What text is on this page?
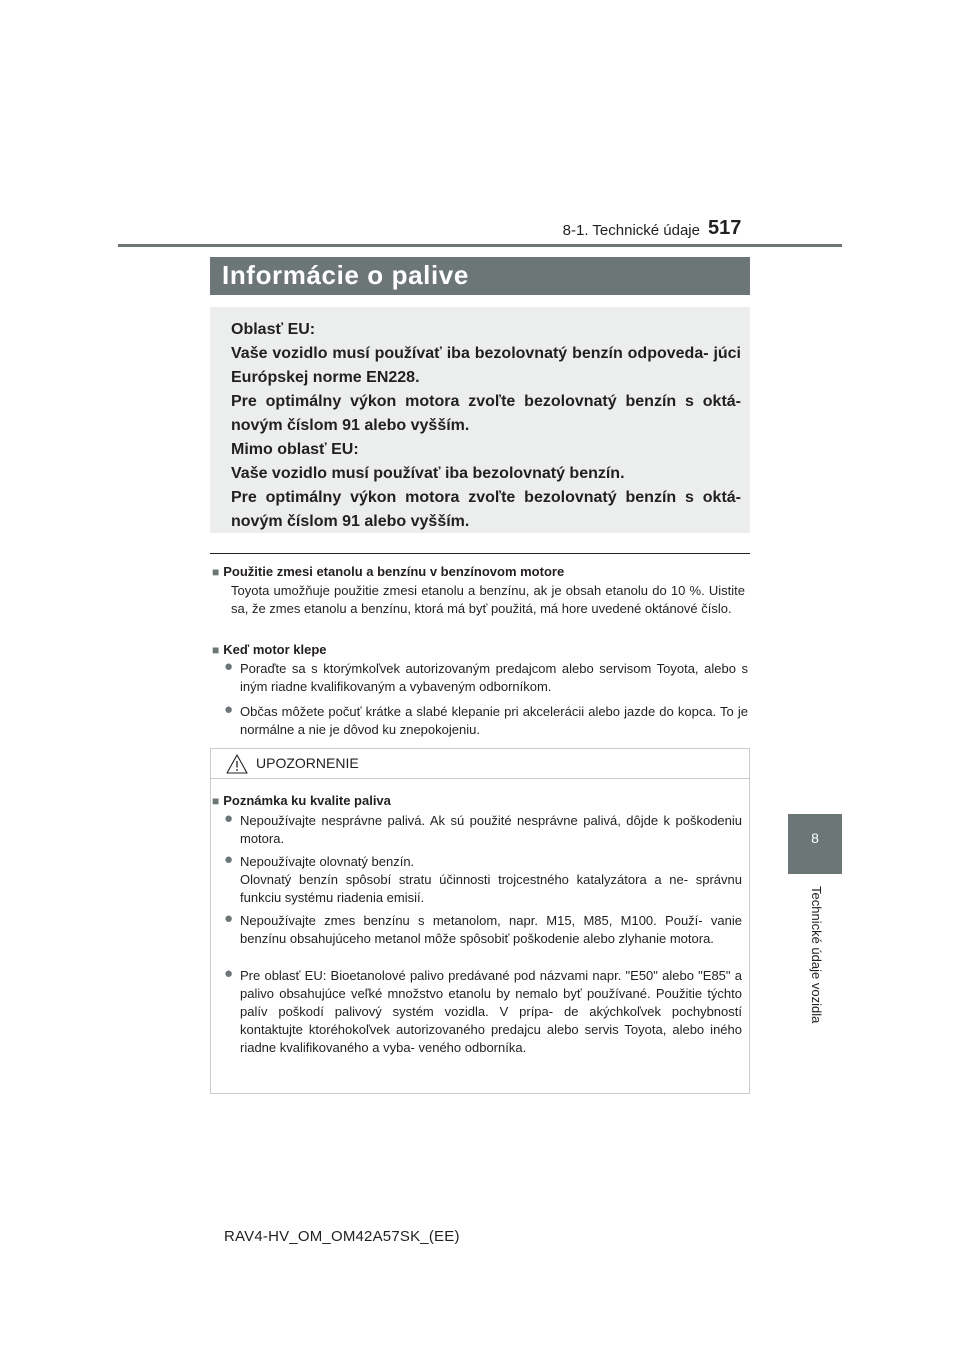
8-1. Technické údaje 517
8
Technické údaje vozidla
Informácie o palive
Oblasť EU:
Vaše vozidlo musí používať iba bezolovnatý benzín odpoveda- júci Európskej norme EN228.
Pre optimálny výkon motora zvoľte bezolovnatý benzín s oktá- novým číslom 91 alebo vyšším.
Mimo oblasť EU:
Vaše vozidlo musí používať iba bezolovnatý benzín.
Pre optimálny výkon motora zvoľte bezolovnatý benzín s oktá- novým číslom 91 alebo vyšším.
■ Použitie zmesi etanolu a benzínu v benzínovom motore
Toyota umožňuje použitie zmesi etanolu a benzínu, ak je obsah etanolu do 10 %. Uistite sa, že zmes etanolu a benzínu, ktorá má byť použitá, má hore uvedené oktánové číslo.
■ Keď motor klepe
● Poraďte sa s ktorýmkoľvek autorizovaným predajcom alebo servisom Toyota, alebo s iným riadne kvalifikovaným a vybaveným odborníkom.
● Občas môžete počuť krátke a slabé klepanie pri akcelerácii alebo jazde do kopca. To je normálne a nie je dôvod ku znepokojeniu.
UPOZORNENIE
■ Poznámka ku kvalite paliva
● Nepoužívajte nesprávne palivá. Ak sú použité nesprávne palivá, dôjde k poškodeniu motora.
● Nepoužívajte olovnatý benzín.
Olovnatý benzín spôsobí stratu účinnosti trojcestného katalyzátora a ne- správnu funkciu systému riadenia emisií.
● Nepoužívajte zmes benzínu s metanolom, napr. M15, M85, M100. Použí- vanie benzínu obsahujúceho metanol môže spôsobiť poškodenie alebo zlyhanie motora.
● Pre oblasť EU: Bioetanolové palivo predávané pod názvami napr. "E50" alebo "E85" a palivo obsahujúce veľké množstvo etanolu by nemalo byť používané. Použitie týchto palív poškodí palivový systém vozidla. V prípa- de akýchkoľvek pochybností kontaktujte ktoréhokoľvek autorizovaného predajcu alebo servis Toyota, alebo iného riadne kvalifikovaného a vyba- veného odborníka.
RAV4-HV_OM_OM42A57SK_(EE)
